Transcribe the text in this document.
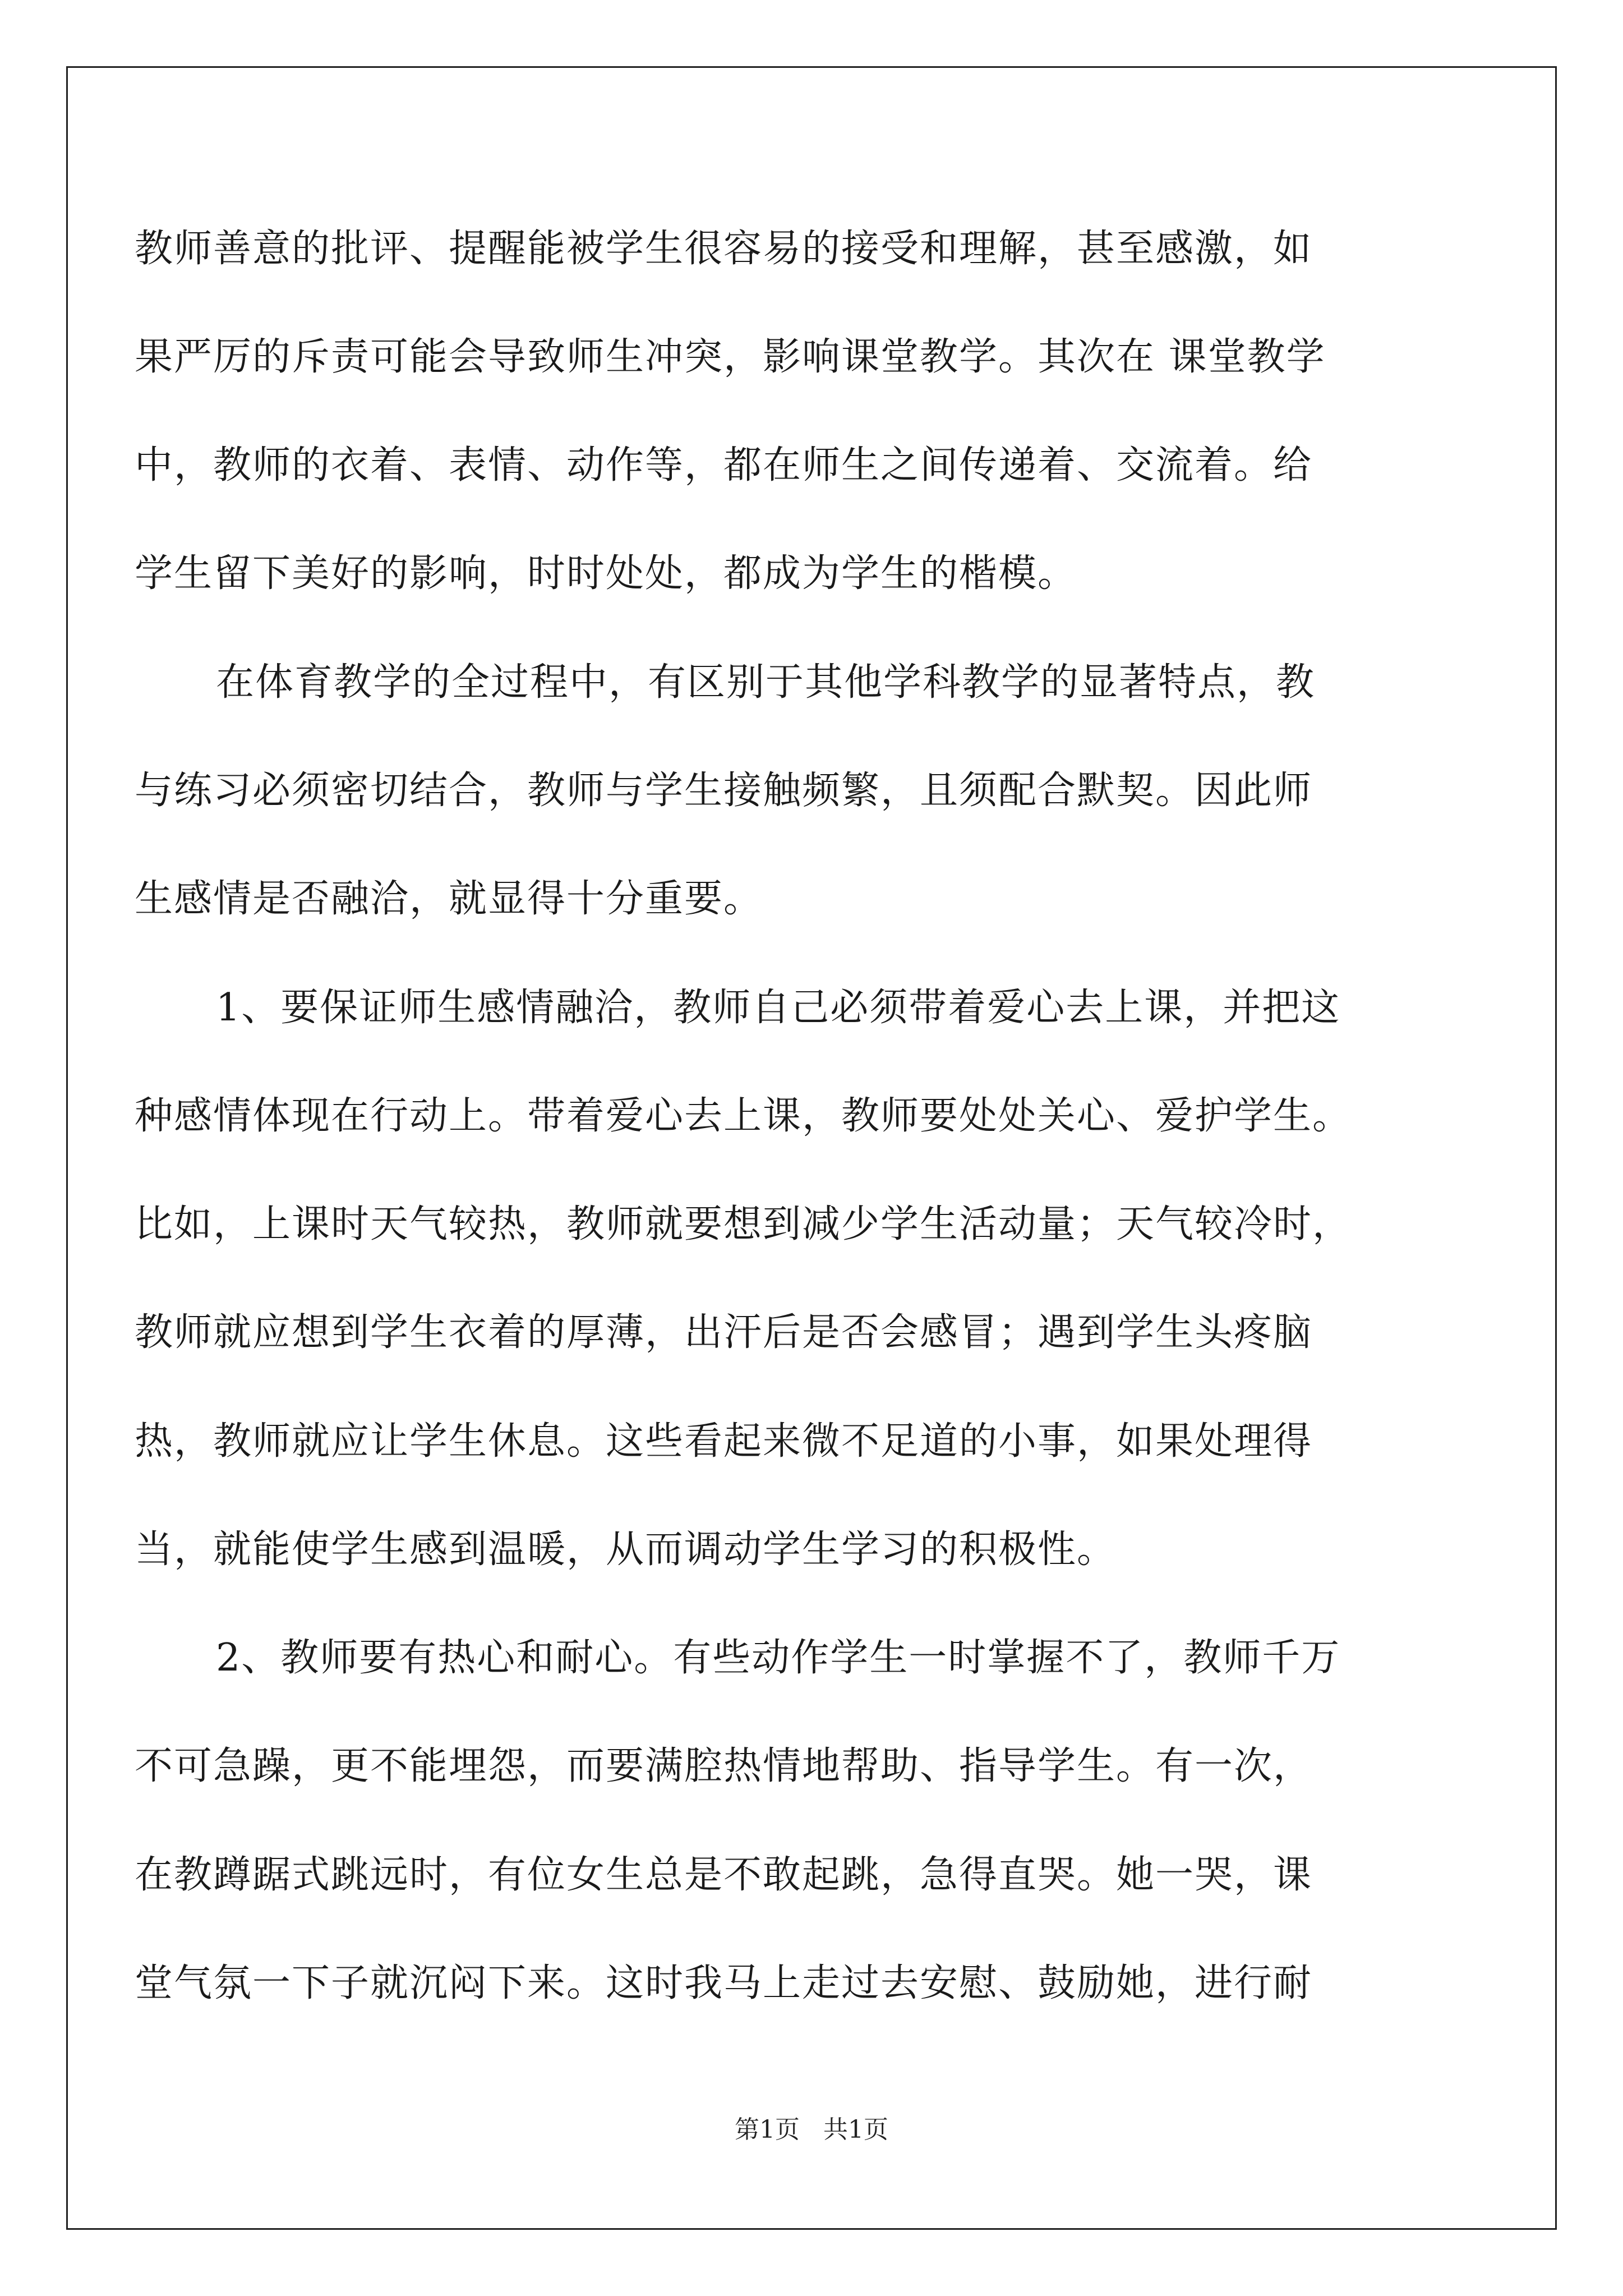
教师善意的批评、提醒能被学生很容易的接受和理解，甚至感激，如
果严厉的斥责可能会导致师生冲突，影响课堂教学。其次在 课堂教学
中，教师的衣着、表情、动作等，都在师生之间传递着、交流着。给
学生留下美好的影响，时时处处，都成为学生的楷模。
在体育教学的全过程中，有区别于其他学科教学的显著特点，教
与练习必须密切结合，教师与学生接触频繁，且须配合默契。因此师
生感情是否融洽，就显得十分重要。
1、要保证师生感情融洽，教师自己必须带着爱心去上课，并把这
种感情体现在行动上。带着爱心去上课，教师要处处关心、爱护学生。
比如，上课时天气较热，教师就要想到减少学生活动量；天气较冷时，
教师就应想到学生衣着的厚薄，出汗后是否会感冒；遇到学生头疼脑
热，教师就应让学生休息。这些看起来微不足道的小事，如果处理得
当，就能使学生感到温暖，从而调动学生学习的积极性。
2、教师要有热心和耐心。有些动作学生一时掌握不了，教师千万
不可急躁，更不能埋怨，而要满腔热情地帮助、指导学生。有一次，
在教蹲踞式跳远时，有位女生总是不敢起跳，急得直哭。她一哭，课
堂气氛一下子就沉闷下来。这时我马上走过去安慰、鼓励她，进行耐
第1页   共1页
